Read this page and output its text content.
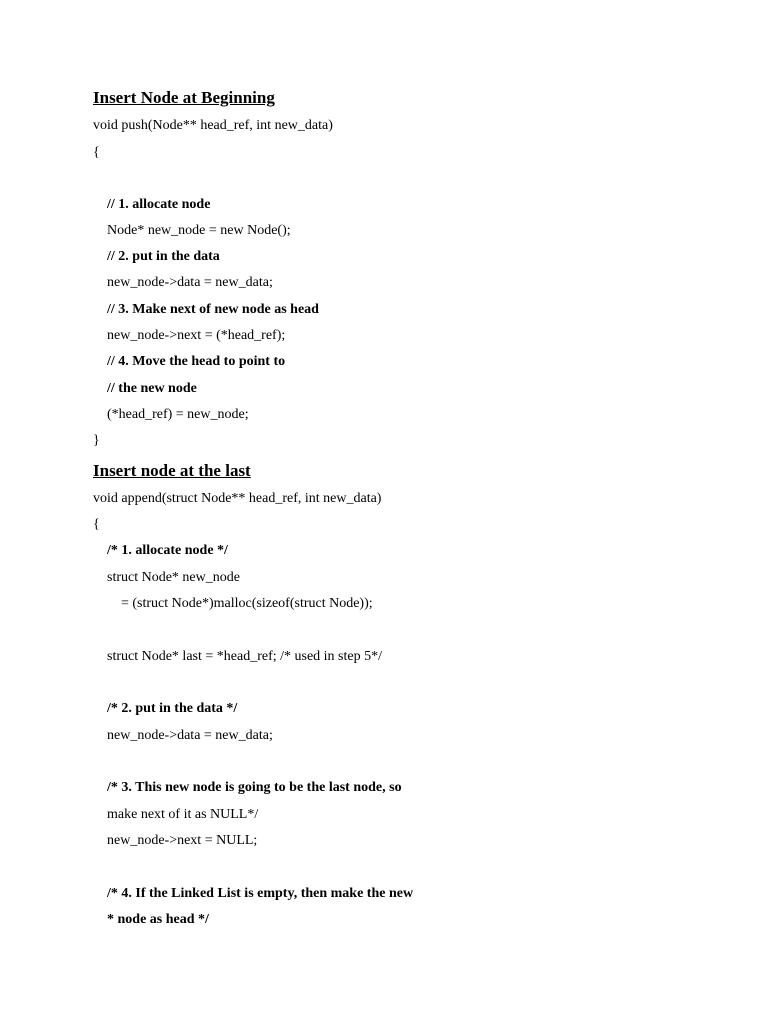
Insert Node at Beginning
void push(Node** head_ref, int new_data)
{
// 1. allocate node
Node* new_node = new Node();
// 2. put in the data
new_node->data = new_data;
// 3. Make next of new node as head
new_node->next = (*head_ref);
// 4. Move the head to point to
// the new node
(*head_ref) = new_node;
}
Insert node at the last
void append(struct Node** head_ref, int new_data)
{
/* 1. allocate node */
struct Node* new_node
= (struct Node*)malloc(sizeof(struct Node));
struct Node* last = *head_ref; /* used in step 5*/
/* 2. put in the data */
new_node->data = new_data;
/* 3. This new node is going to be the last node, so
make next of it as NULL*/
new_node->next = NULL;
/* 4. If the Linked List is empty, then make the new
* node as head */
